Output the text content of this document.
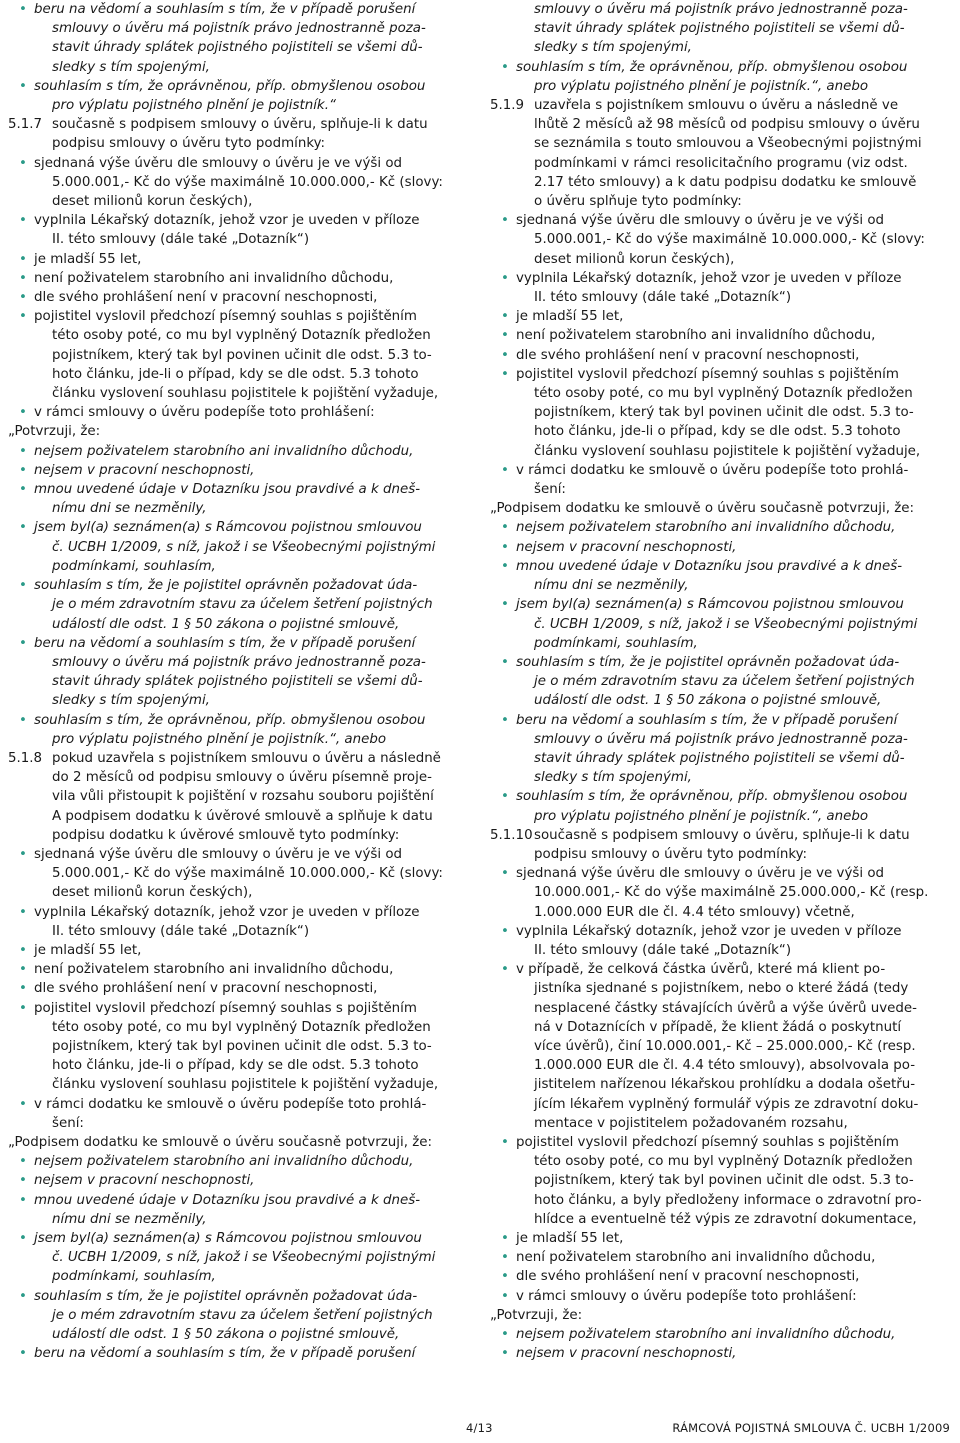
• beru na vědomí a souhlasím s tím, že v případě porušení
smlouvy o úvěru má pojistník právo jednostranně poza-
stavit úhrady splátek pojistného pojistiteli se všemi dů-
sledky s tím spojenými,
• souhlasím s tím, že oprávněnou, příp. obmyšlenou osobou
pro výplatu pojistného plnění je pojistník.“
5.1.7 současně s podpisem smlouvy o úvěru, splňuje-li k datu
podpisu smlouvy o úvěru tyto podmínky:
• sjednaná výše úvěru dle smlouvy o úvěru je ve výši od
5.000.001,- Kč do výše maximálně 10.000.000,- Kč (slovy:
deset milionů korun českých),
• vyplnila Lékařský dotazník, jehož vzor je uveden v příloze
II. této smlouvy (dále také „Dotazník“)
• je mladší 55 let,
• není poživatelem starobního ani invalidního důchodu,
• dle svého prohlášení není v pracovní neschopnosti,
• pojistitel vyslovil předchozí písemný souhlas s pojištěním
této osoby poté, co mu byl vyplněný Dotazník předložen
pojistníkem, který tak byl povinen učinit dle odst. 5.3 to-
hoto článku, jde-li o případ, kdy se dle odst. 5.3 tohoto
článku vyslovení souhlasu pojistitele k pojištění vyžaduje,
• v rámci smlouvy o úvěru podepíše toto prohlášení:
„Potvrzuji, že:
• nejsem poživatelem starobního ani invalidního důchodu,
• nejsem v pracovní neschopnosti,
• mnou uvedené údaje v Dotazníku jsou pravdivé a k dneš-
nímu dni se nezměnily,
• jsem byl(a) seznámen(a) s Rámcovou pojistnou smlouvou
č. UCBH 1/2009, s níž, jakož i se Všeobecnými pojistnými
podmínkami, souhlasím,
• souhlasím s tím, že je pojistitel oprávněn požadovat úda-
je o mém zdravotním stavu za účelem šetření pojistných
událostí dle odst. 1 § 50 zákona o pojistné smlouvě,
• beru na vědomí a souhlasím s tím, že v případě porušení
smlouvy o úvěru má pojistník právo jednostranně poza-
stavit úhrady splátek pojistného pojistiteli se všemi dů-
sledky s tím spojenými,
• souhlasím s tím, že oprávněnou, příp. obmyšlenou osobou
pro výplatu pojistného plnění je pojistník.“, anebo
5.1.8 pokud uzavřela s pojistníkem smlouvu o úvěru a následně
do 2 měsíců od podpisu smlouvy o úvěru písemně proje-
vila vůli přistoupit k pojištění v rozsahu souboru pojištění
A podpisem dodatku k úvěrové smlouvě a splňuje k datu
podpisu dodatku k úvěrové smlouvě tyto podmínky:
• sjednaná výše úvěru dle smlouvy o úvěru je ve výši od
5.000.001,- Kč do výše maximálně 10.000.000,- Kč (slovy:
deset milionů korun českých),
• vyplnila Lékařský dotazník, jehož vzor je uveden v příloze
II. této smlouvy (dále také „Dotazník“)
• je mladší 55 let,
• není poživatelem starobního ani invalidního důchodu,
• dle svého prohlášení není v pracovní neschopnosti,
• pojistitel vyslovil předchozí písemný souhlas s pojištěním
této osoby poté, co mu byl vyplněný Dotazník předložen
pojistníkem, který tak byl povinen učinit dle odst. 5.3 to-
hoto článku, jde-li o případ, kdy se dle odst. 5.3 tohoto
článku vyslovení souhlasu pojistitele k pojištění vyžaduje,
• v rámci dodatku ke smlouvě o úvěru podepíše toto prohlá-
šení:
„Podpisem dodatku ke smlouvě o úvěru současně potvrzuji, že:
• nejsem poživatelem starobního ani invalidního důchodu,
• nejsem v pracovní neschopnosti,
• mnou uvedené údaje v Dotazníku jsou pravdivé a k dneš-
nímu dni se nezměnily,
• jsem byl(a) seznámen(a) s Rámcovou pojistnou smlouvou
č. UCBH 1/2009, s níž, jakož i se Všeobecnými pojistnými
podmínkami, souhlasím,
• souhlasím s tím, že je pojistitel oprávněn požadovat úda-
je o mém zdravotním stavu za účelem šetření pojistných
událostí dle odst. 1 § 50 zákona o pojistné smlouvě,
• beru na vědomí a souhlasím s tím, že v případě porušení
smlouvy o úvěru má pojistník právo jednostranně poza-
stavit úhrady splátek pojistného pojistiteli se všemi dů-
sledky s tím spojenými,
• souhlasím s tím, že oprávněnou, příp. obmyšlenou osobou
pro výplatu pojistného plnění je pojistník.“, anebo
5.1.9 uzavřela s pojistníkem smlouvu o úvěru a následně ve
lhůtě 2 měsíců až 98 měsíců od podpisu smlouvy o úvěru
se seznámila s touto smlouvou a Všeobecnými pojistnými
podmínkami v rámci resolicitačního programu (viz odst.
2.17 této smlouvy) a k datu podpisu dodatku ke smlouvě
o úvěru splňuje tyto podmínky:
• sjednaná výše úvěru dle smlouvy o úvěru je ve výši od
5.000.001,- Kč do výše maximálně 10.000.000,- Kč (slovy:
deset milionů korun českých),
• vyplnila Lékařský dotazník, jehož vzor je uveden v příloze
II. této smlouvy (dále také „Dotazník“)
• je mladší 55 let,
• není poživatelem starobního ani invalidního důchodu,
• dle svého prohlášení není v pracovní neschopnosti,
• pojistitel vyslovil předchozí písemný souhlas s pojištěním
této osoby poté, co mu byl vyplněný Dotazník předložen
pojistníkem, který tak byl povinen učinit dle odst. 5.3 to-
hoto článku, jde-li o případ, kdy se dle odst. 5.3 tohoto
článku vyslovení souhlasu pojistitele k pojištění vyžaduje,
• v rámci dodatku ke smlouvě o úvěru podepíše toto prohlá-
šení:
„Podpisem dodatku ke smlouvě o úvěru současně potvrzuji, že:
• nejsem poživatelem starobního ani invalidního důchodu,
• nejsem v pracovní neschopnosti,
• mnou uvedené údaje v Dotazníku jsou pravdivé a k dneš-
nímu dni se nezměnily,
• jsem byl(a) seznámen(a) s Rámcovou pojistnou smlouvou
č. UCBH 1/2009, s níž, jakož i se Všeobecnými pojistnými
podmínkami, souhlasím,
• souhlasím s tím, že je pojistitel oprávněn požadovat úda-
je o mém zdravotním stavu za účelem šetření pojistných
událostí dle odst. 1 § 50 zákona o pojistné smlouvě,
• beru na vědomí a souhlasím s tím, že v případě porušení
smlouvy o úvěru má pojistník právo jednostranně poza-
stavit úhrady splátek pojistného pojistiteli se všemi dů-
sledky s tím spojenými,
• souhlasím s tím, že oprávněnou, příp. obmyšlenou osobou
pro výplatu pojistného plnění je pojistník.“, anebo
5.1.10 současně s podpisem smlouvy o úvěru, splňuje-li k datu
podpisu smlouvy o úvěru tyto podmínky:
• sjednaná výše úvěru dle smlouvy o úvěru je ve výši od
10.000.001,- Kč do výše maximálně 25.000.000,- Kč (resp.
1.000.000 EUR dle čl. 4.4 této smlouvy) včetně,
• vyplnila Lékařský dotazník, jehož vzor je uveden v příloze
II. této smlouvy (dále také „Dotazník“)
• v případě, že celková částka úvěrů, které má klient po-
jistníka sjednané s pojistníkem, nebo o které žádá (tedy
nesplacené částky stávajících úvěrů a výše úvěrů uvede-
ná v Dotaznících v případě, že klient žádá o poskytnutí
více úvěrů), činí 10.000.001,- Kč – 25.000.000,- Kč (resp.
1.000.000 EUR dle čl. 4.4 této smlouvy), absolvovala po-
jistitelem nařízenou lékařskou prohlídku a dodala ošetřu-
jícím lékařem vyplněný formulář výpis ze zdravotní doku-
mentace v pojistitelem požadovaném rozsahu,
• pojistitel vyslovil předchozí písemný souhlas s pojištěním
této osoby poté, co mu byl vyplněný Dotazník předložen
pojistníkem, který tak byl povinen učinit dle odst. 5.3 to-
hoto článku, a byly předloženy informace o zdravotní pro-
hlídce a eventuelně též výpis ze zdravotní dokumentace,
• je mladší 55 let,
• není poživatelem starobního ani invalidního důchodu,
• dle svého prohlášení není v pracovní neschopnosti,
• v rámci smlouvy o úvěru podepíše toto prohlášení:
„Potvrzuji, že:
• nejsem poživatelem starobního ani invalidního důchodu,
• nejsem v pracovní neschopnosti,
4/13	RÁMCOVÁ POJISTNÁ SMLOUVA Č. UCBH 1/2009
